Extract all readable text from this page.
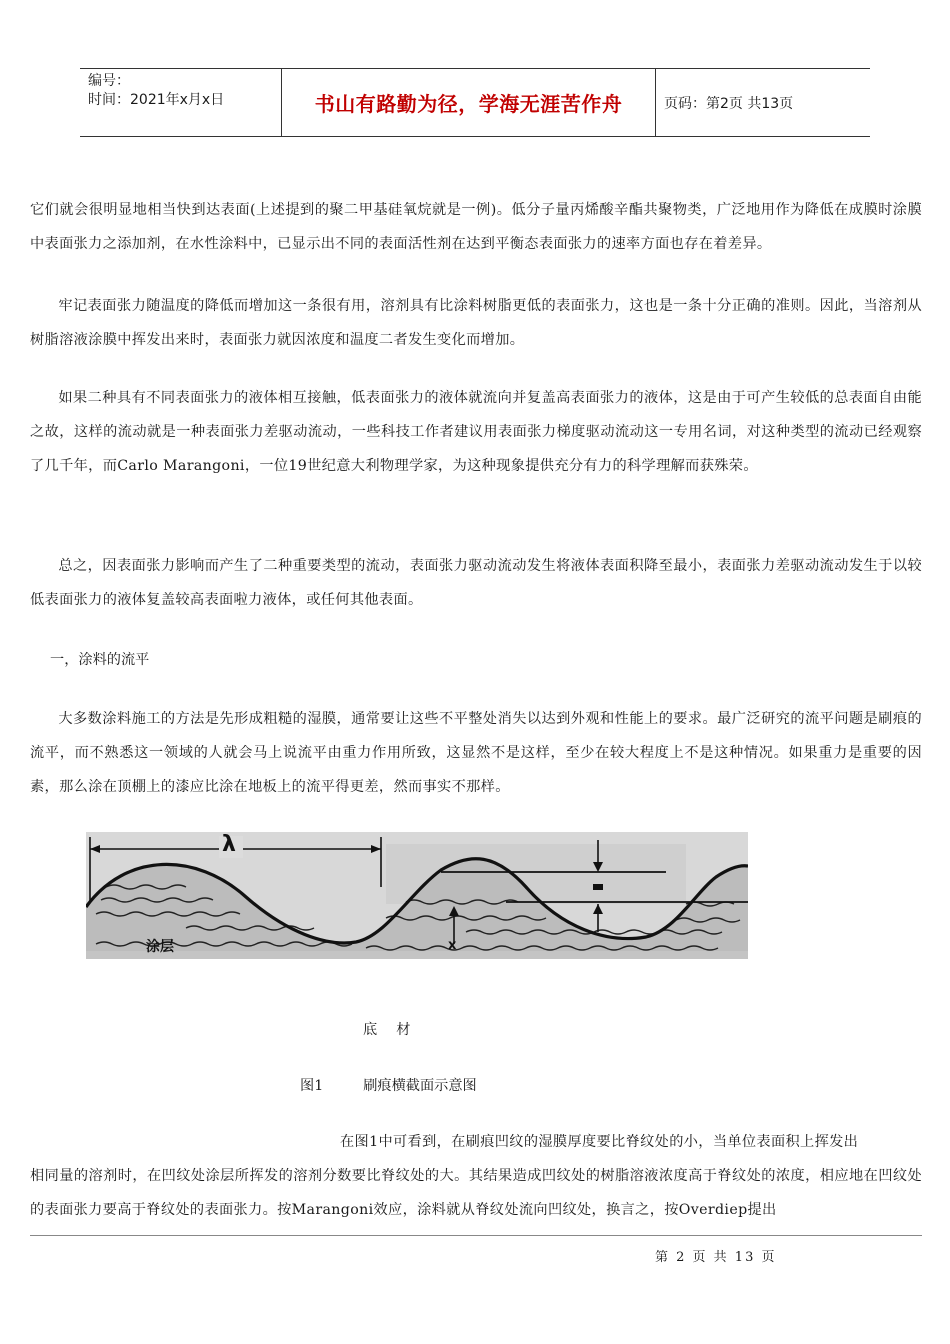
编号：
时间：2021年x月x日	书山有路勤为径，学海无涯苦作舟	页码：第2页 共13页
它们就会很明显地相当快到达表面(上述提到的聚二甲基硅氧烷就是一例)。低分子量丙烯酸辛酯共聚物类，广泛地用作为降低在成膜时涂膜中表面张力之添加剂，在水性涂料中，已显示出不同的表面活性剂在达到平衡态表面张力的速率方面也存在着差异。
牢记表面张力随温度的降低而增加这一条很有用，溶剂具有比涂料树脂更低的表面张力，这也是一条十分正确的准则。因此，当溶剂从树脂溶液涂膜中挥发出来时，表面张力就因浓度和温度二者发生变化而增加。
如果二种具有不同表面张力的液体相互接触，低表面张力的液体就流向并复盖高表面张力的液体，这是由于可产生较低的总表面自由能之故，这样的流动就是一种表面张力差驱动流动，一些科技工作者建议用表面张力梯度驱动流动这一专用名词，对这种类型的流动已经观察了几千年，而Carlo Marangoni，一位19世纪意大利物理学家，为这种现象提供充分有力的科学理解而获殊荣。
总之，因表面张力影响而产生了二种重要类型的流动，表面张力驱动流动发生将液体表面积降至最小，表面张力差驱动流动发生于以较低表面张力的液体复盖较高表面啦力液体，或任何其他表面。
一，涂料的流平
大多数涂料施工的方法是先形成粗糙的湿膜，通常要让这些不平整处消失以达到外观和性能上的要求。最广泛研究的流平问题是刷痕的流平，而不熟悉这一领域的人就会马上说流平由重力作用所致，这显然不是这样，至少在较大程度上不是这种情况。如果重力是重要的因素，那么涂在顶棚上的漆应比涂在地板上的流平得更差，然而事实不那样。
λ
涂层	x
底 材
图1	刷痕横截面示意图
在图1中可看到，在刷痕凹纹的湿膜厚度要比脊纹处的小，当单位表面积上挥发出
相同量的溶剂时，在凹纹处涂层所挥发的溶剂分数要比脊纹处的大。其结果造成凹纹处的树脂溶液浓度高于脊纹处的浓度，相应地在凹纹处的表面张力要高于脊纹处的表面张力。按Marangoni效应，涂料就从脊纹处流向凹纹处，换言之，按Overdiep提出
第 2 页 共 13 页
